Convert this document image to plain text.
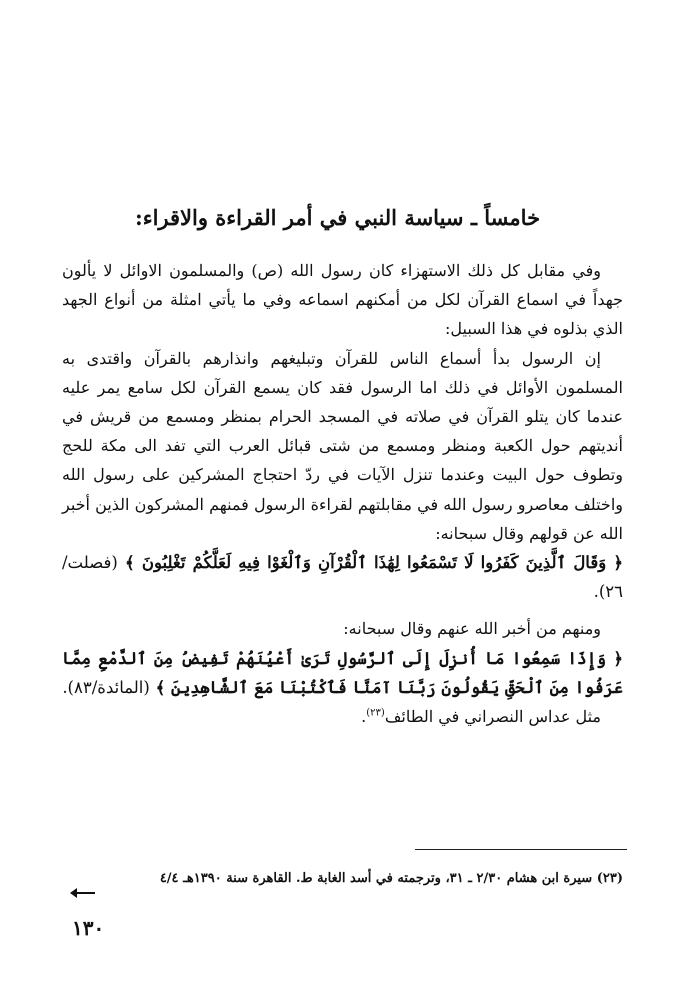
خامساً ـ سياسة النبي في أمر القراءة والاقراء:

وفي مقابل كل ذلك الاستهزاء كان رسول الله (ص) والمسلمون الاوائل لا يألون جهداً في اسماع القرآن لكل من أمكنهم اسماعه وفي ما يأتي امثلة من أنواع الجهد الذي بذلوه في هذا السبيل:

إن الرسول بدأ أسماع الناس للقرآن وتبليغهم وانذارهم بالقرآن واقتدى به المسلمون الأوائل في ذلك اما الرسول فقد كان يسمع القرآن لكل سامع يمر عليه عندما كان يتلو القرآن في صلاته في المسجد الحرام بمنظر ومسمع من قريش في أنديتهم حول الكعبة ومنظر ومسمع من شتى قبائل العرب التي تفد الى مكة للحج وتطوف حول البيت وعندما تنزل الآيات في ردّ احتجاج المشركين على رسول الله واختلف معاصرو رسول الله في مقابلتهم لقراءة الرسول فمنهم المشركون الذين أخبر الله عن قولهم وقال سبحانه:

﴿ وَقَالَ ٱلَّذِينَ كَفَرُوا لَا تَسْمَعُوا لِهَٰذَا ٱلْقُرْآنِ وَٱلْغَوْا فِيهِ لَعَلَّكُمْ تَغْلِبُونَ ﴾ (فصلت/٢٦).

ومنهم من أخبر الله عنهم وقال سبحانه:

﴿ وَإِذَا سَمِعُوا مَا أُنزِلَ إِلَى ٱلرَّسُولِ تَرَىٰ أَعْيُنَهُمْ تَفِيضُ مِنَ ٱلدَّمْعِ مِمَّا عَرَفُوا مِنَ ٱلْحَقِّ يَقُولُونَ رَبَّنَا آمَنَّا فَٱكْتُبْنَا مَعَ ٱلشَّاهِدِينَ ﴾ (المائدة/٨٣).

مثل عداس النصراني في الطائف$^{(٢٣)}$.

(٢٣) سيرة ابن هشام ٢/٣٠ ـ ٣١، وترجمته في أسد الغابة ط. القاهرة سنة ١٣٩٠هـ ٤/٤
١٣٠
